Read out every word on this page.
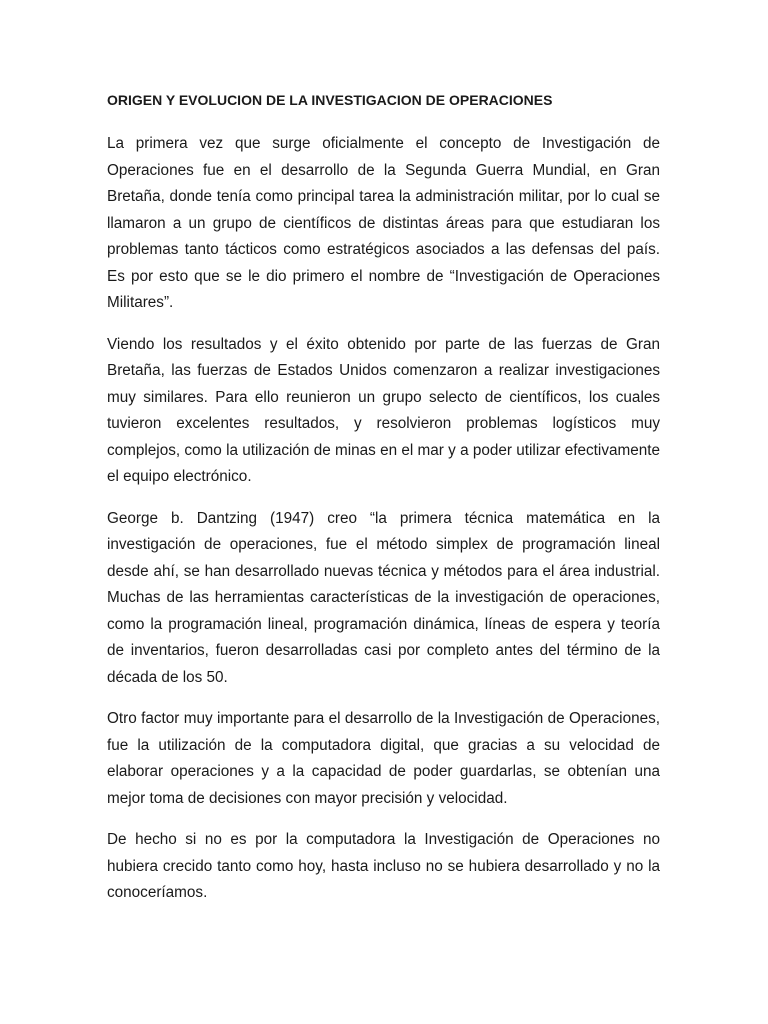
ORIGEN Y EVOLUCION DE LA INVESTIGACION DE OPERACIONES

La primera vez que surge oficialmente el concepto de Investigación de Operaciones fue en el desarrollo de la Segunda Guerra Mundial, en Gran Bretaña, donde tenía como principal tarea la administración militar, por lo cual se llamaron a un grupo de científicos de distintas áreas para que estudiaran los problemas tanto tácticos como estratégicos asociados a las defensas del país. Es por esto que se le dio primero el nombre de “Investigación de Operaciones Militares”.

Viendo los resultados y el éxito obtenido por parte de las fuerzas de Gran Bretaña, las fuerzas de Estados Unidos comenzaron a realizar investigaciones muy similares. Para ello reunieron un grupo selecto de científicos, los cuales tuvieron excelentes resultados, y resolvieron problemas logísticos muy complejos, como la utilización de minas en el mar y a poder utilizar efectivamente el equipo electrónico.

George b. Dantzing (1947) creo “la primera técnica matemática en la investigación de operaciones, fue el método simplex de programación lineal desde ahí, se han desarrollado nuevas técnica y métodos para el área industrial. Muchas de las herramientas características de la investigación de operaciones, como la programación lineal, programación dinámica, líneas de espera y teoría de inventarios, fueron desarrolladas casi por completo antes del término de la década de los 50.

Otro factor muy importante para el desarrollo de la Investigación de Operaciones, fue la utilización de la computadora digital, que gracias a su velocidad de elaborar operaciones y a la capacidad de poder guardarlas, se obtenían una mejor toma de decisiones con mayor precisión y velocidad.

De hecho si no es por la computadora la Investigación de Operaciones no hubiera crecido tanto como hoy, hasta incluso no se hubiera desarrollado y no la conoceríamos.
